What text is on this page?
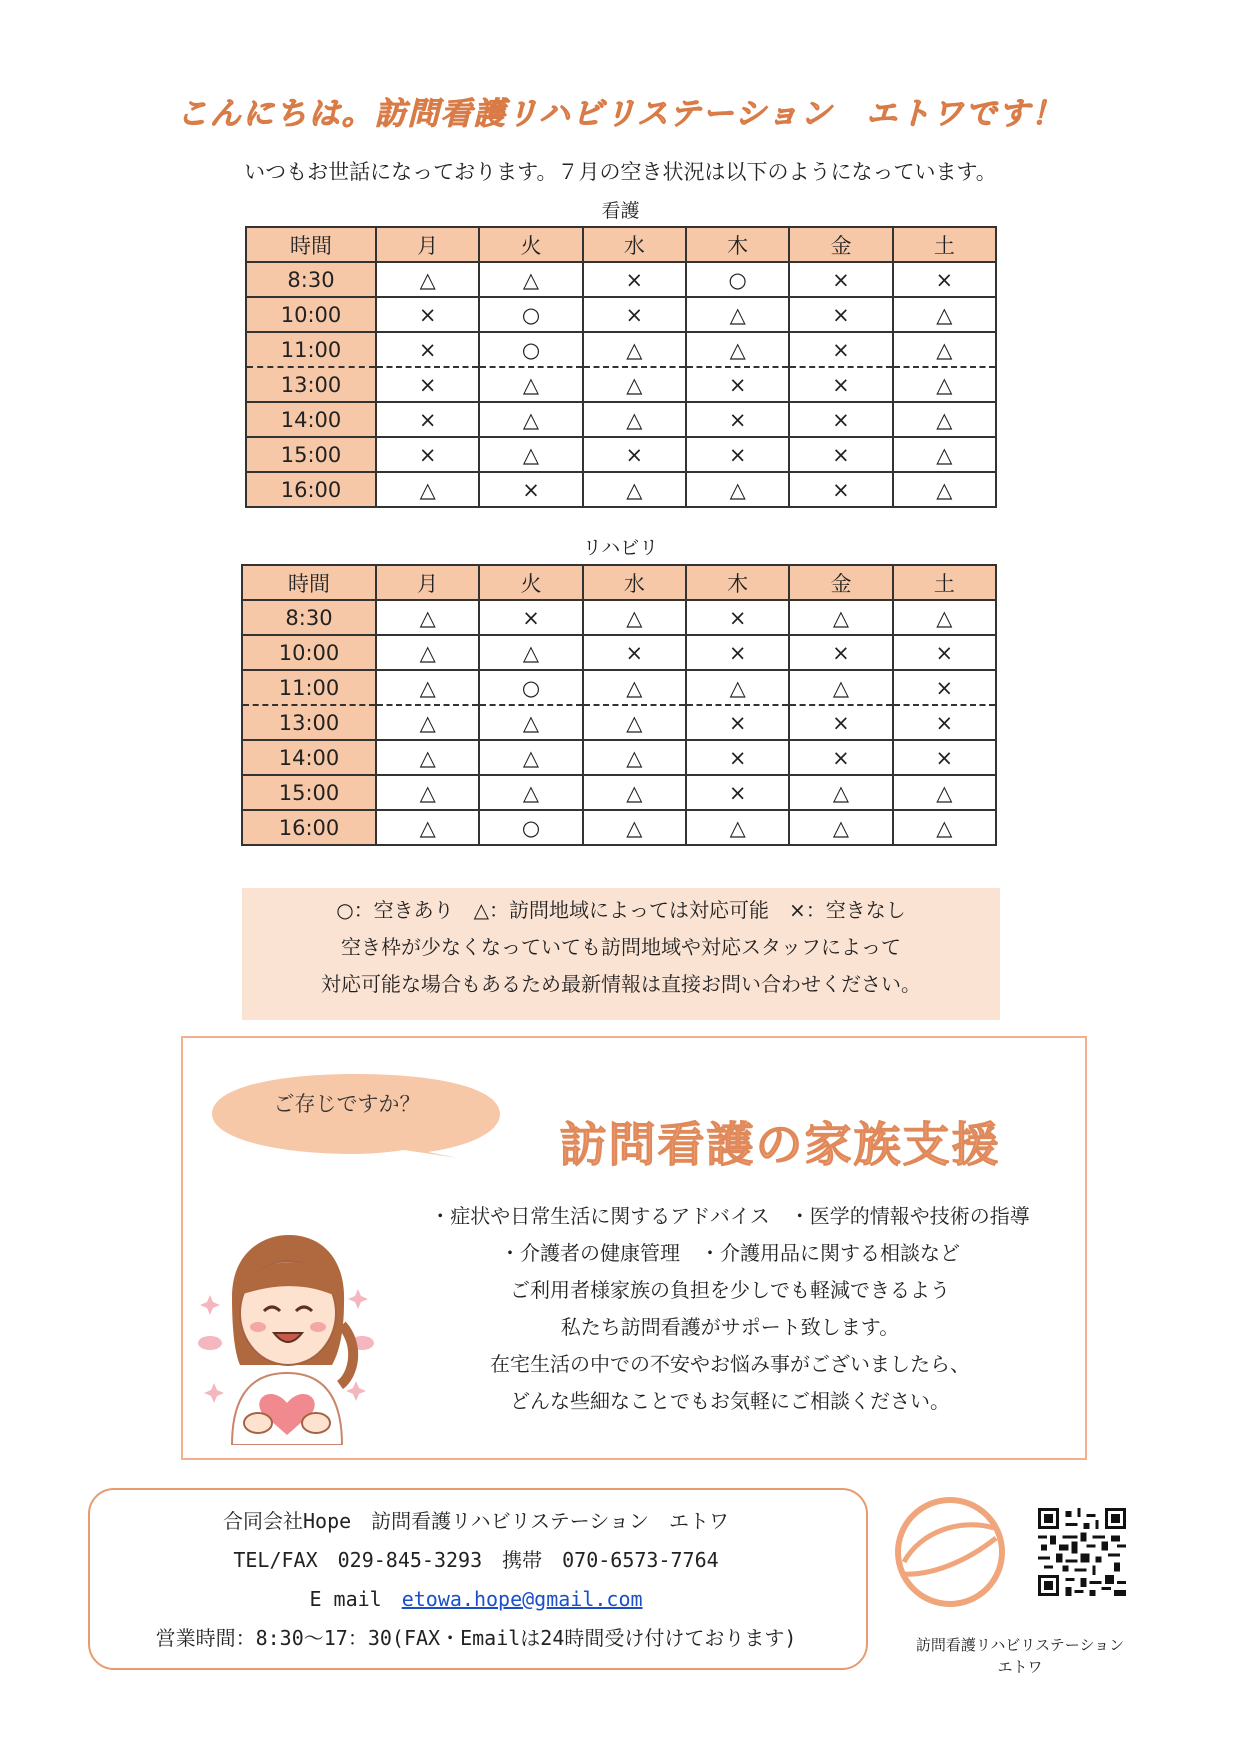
こんにちは。訪問看護リハビリステーション　エトワです！
いつもお世話になっております。７月の空き状況は以下のようになっています。
看護
時間	月	火	水	木	金	土
8:30	△	△	×	○	×	×
10:00	×	○	×	△	×	△
11:00	×	○	△	△	×	△
13:00	×	△	△	×	×	△
14:00	×	△	△	×	×	△
15:00	×	△	×	×	×	△
16:00	△	×	△	△	×	△
リハビリ
時間	月	火	水	木	金	土
8:30	△	×	△	×	△	△
10:00	△	△	×	×	×	×
11:00	△	○	△	△	△	×
13:00	△	△	△	×	×	×
14:00	△	△	△	×	×	×
15:00	△	△	△	×	△	△
16:00	△	○	△	△	△	△
○：空きあり　△：訪問地域によっては対応可能　×：空きなし
空き枠が少なくなっていても訪問地域や対応スタッフによって
対応可能な場合もあるため最新情報は直接お問い合わせください。
ご存じですか？
訪問看護の家族支援
・症状や日常生活に関するアドバイス　・医学的情報や技術の指導
・介護者の健康管理　・介護用品に関する相談など
ご利用者様家族の負担を少しでも軽減できるよう
私たち訪問看護がサポート致します。
在宅生活の中での不安やお悩み事がございましたら、
どんな些細なことでもお気軽にご相談ください。
合同会社Hope　訪問看護リハビリステーション　エトワ
TEL/FAX　029-845-3293　携帯　070-6573-7764
E mail　etowa.hope@gmail.com
営業時間：8:30〜17：30(FAX・Emailは24時間受け付けております)	訪問看護リハビリステーション
エトワ
